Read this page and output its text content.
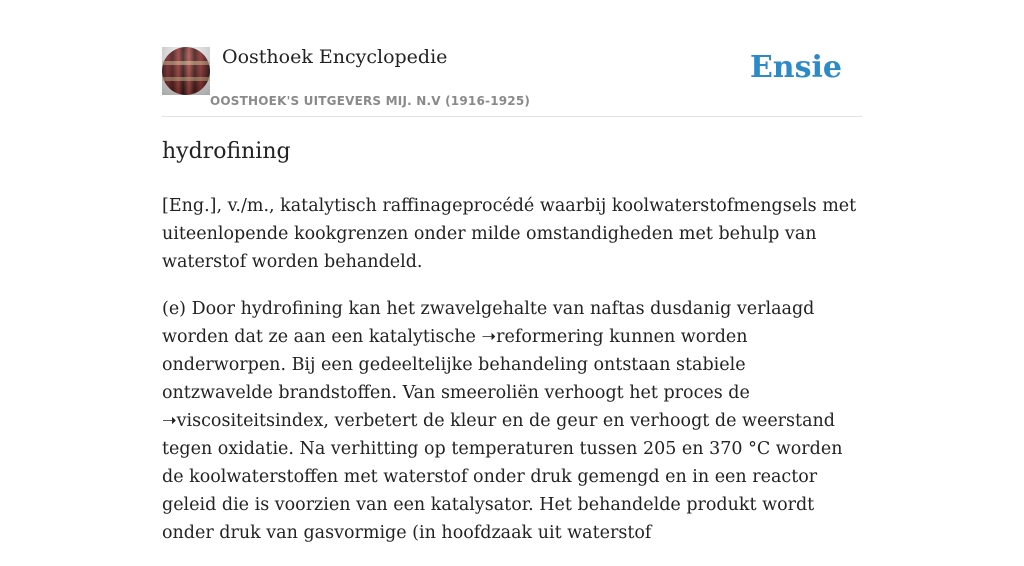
Oosthoek Encyclopedie
OOSTHOEK'S UITGEVERS MIJ. N.V (1916-1925)
Ensie
hydrofining

[Eng.], v./m., katalytisch raffinageprocédé waarbij koolwaterstofmengsels met uiteenlopende kookgrenzen onder milde omstandigheden met behulp van waterstof worden behandeld.

(e) Door hydrofining kan het zwavelgehalte van naftas dusdanig verlaagd worden dat ze aan een katalytische ➝reformering kunnen worden onderworpen. Bij een gedeeltelijke behandeling ontstaan stabiele ontzwavelde brandstoffen. Van smeeroliën verhoogt het proces de ➝viscositeitsindex, verbetert de kleur en de geur en verhoogt de weerstand tegen oxidatie. Na verhitting op temperaturen tussen 205 en 370 °C worden de koolwaterstoffen met waterstof onder druk gemengd en in een reactor geleid die is voorzien van een katalysator. Het behandelde produkt wordt onder druk van gasvormige (in hoofdzaak uit waterstof
